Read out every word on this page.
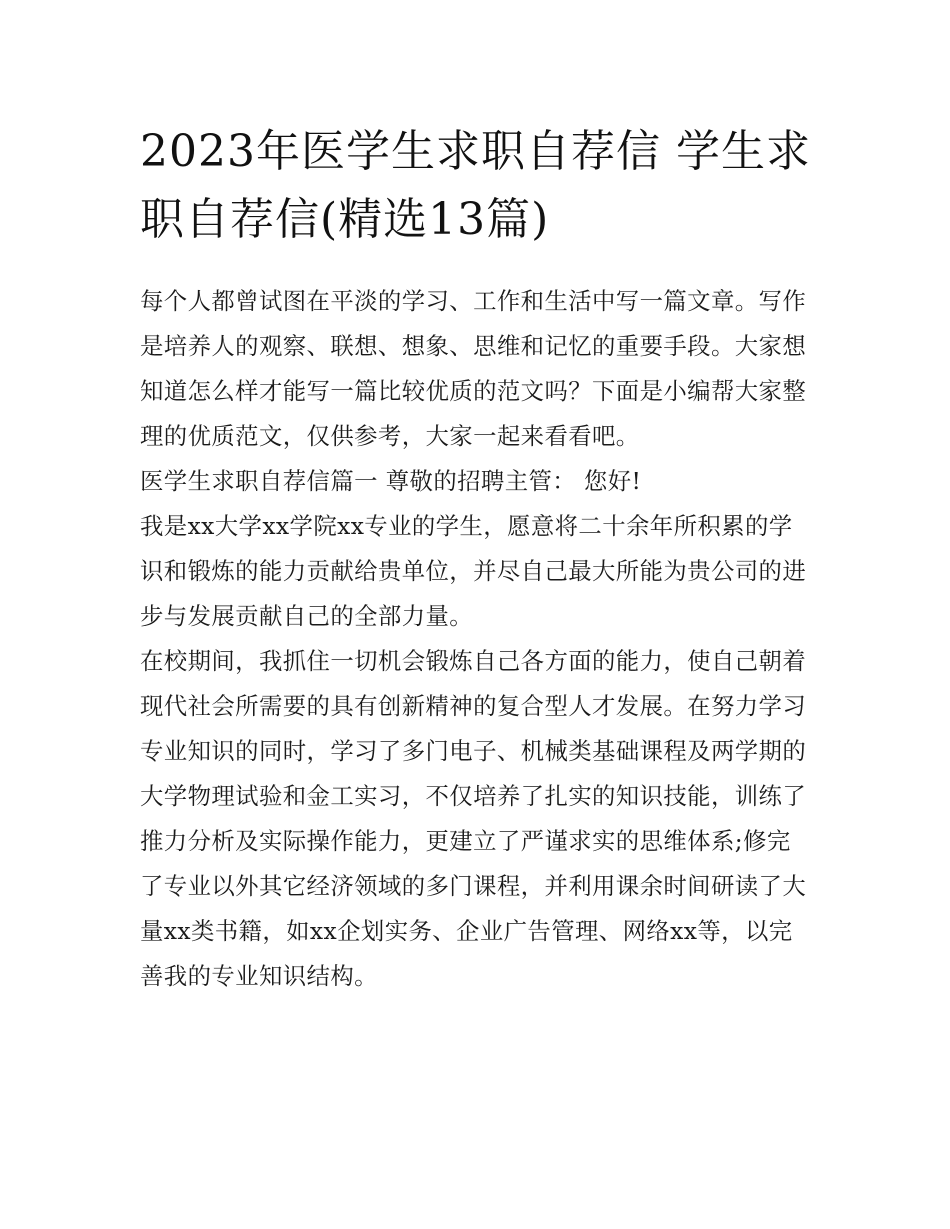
2023年医学生求职自荐信 学生求职自荐信(精选13篇)

每个人都曾试图在平淡的学习、工作和生活中写一篇文章。写作是培养人的观察、联想、想象、思维和记忆的重要手段。大家想知道怎么样才能写一篇比较优质的范文吗？下面是小编帮大家整理的优质范文，仅供参考，大家一起来看看吧。

医学生求职自荐信篇一 尊敬的招聘主管： 您好!

我是xx大学xx学院xx专业的学生，愿意将二十余年所积累的学识和锻炼的能力贡献给贵单位，并尽自己最大所能为贵公司的进步与发展贡献自己的全部力量。

在校期间，我抓住一切机会锻炼自己各方面的能力，使自己朝着现代社会所需要的具有创新精神的复合型人才发展。在努力学习专业知识的同时，学习了多门电子、机械类基础课程及两学期的大学物理试验和金工实习，不仅培养了扎实的知识技能，训练了推力分析及实际操作能力，更建立了严谨求实的思维体系;修完了专业以外其它经济领域的多门课程，并利用课余时间研读了大量xx类书籍，如xx企划实务、企业广告管理、网络xx等，以完善我的专业知识结构。
